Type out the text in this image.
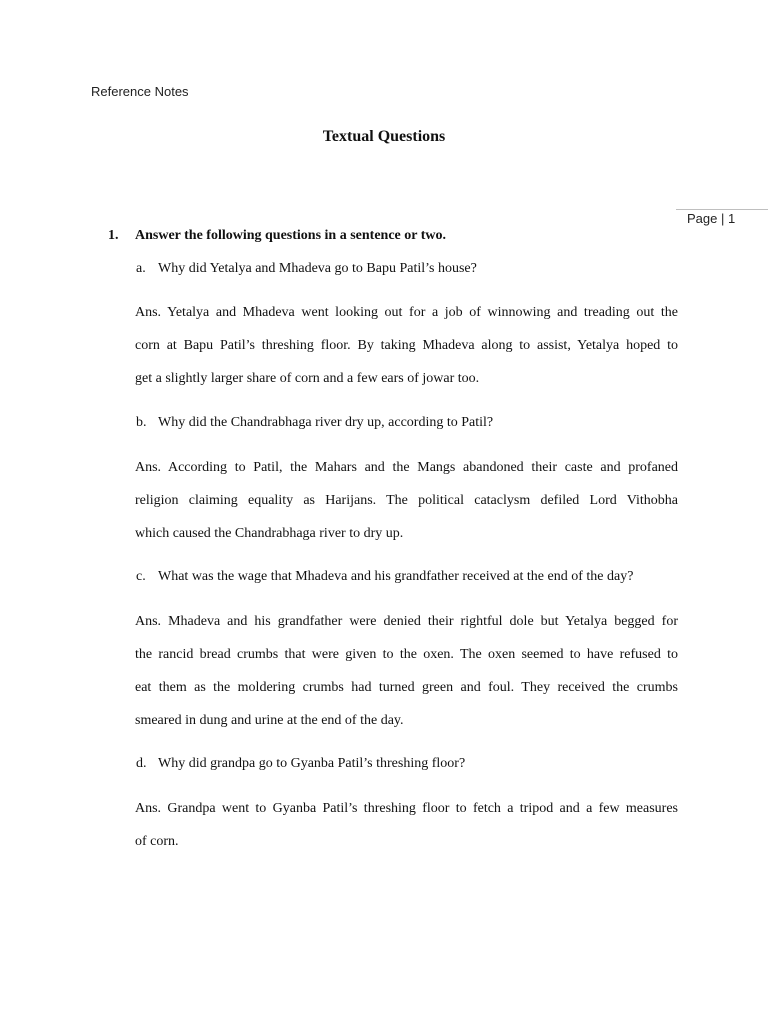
Reference Notes
Page | 1
Textual Questions
1. Answer the following questions in a sentence or two.
a. Why did Yetalya and Mhadeva go to Bapu Patil’s house?
Ans. Yetalya and Mhadeva went looking out for a job of winnowing and treading out the
corn at Bapu Patil’s threshing floor. By taking Mhadeva along to assist, Yetalya hoped to
get a slightly larger share of corn and a few ears of jowar too.
b. Why did the Chandrabhaga river dry up, according to Patil?
Ans. According to Patil, the Mahars and the Mangs abandoned their caste and profaned
religion claiming equality as Harijans. The political cataclysm defiled Lord Vithobha
which caused the Chandrabhaga river to dry up.
c. What was the wage that Mhadeva and his grandfather received at the end of the day?
Ans. Mhadeva and his grandfather were denied their rightful dole but Yetalya begged for
the rancid bread crumbs that were given to the oxen. The oxen seemed to have refused to
eat them as the moldering crumbs had turned green and foul. They received the crumbs
smeared in dung and urine at the end of the day.
d. Why did grandpa go to Gyanba Patil’s threshing floor?
Ans. Grandpa went to Gyanba Patil’s threshing floor to fetch a tripod and a few measures
of corn.
